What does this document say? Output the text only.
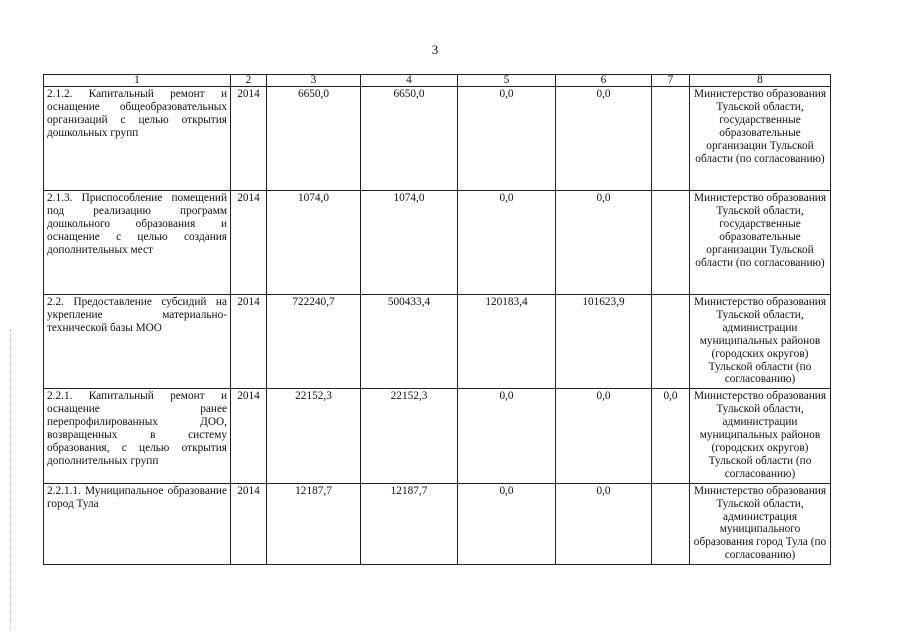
3
1	2	3	4	5	6	7	8
2.1.2. Капитальный ремонт и оснащение общеобразовательных организаций с целью открытия дошкольных групп	2014	6650,0	6650,0	0,0	0,0		Министерство образования Тульской области, государственные образовательные организации Тульской области (по согласованию)
2.1.3. Приспособление помещений под реализацию программ дошкольного образования и оснащение с целью создания дополнительных мест	2014	1074,0	1074,0	0,0	0,0		Министерство образования Тульской области, государственные образовательные организации Тульской области (по согласованию)
2.2. Предоставление субсидий на укрепление материально-технической базы МОО	2014	722240,7	500433,4	120183,4	101623,9		Министерство образования Тульской области, администрации муниципальных районов (городских округов) Тульской области (по согласованию)
2.2.1. Капитальный ремонт и оснащение ранее перепрофилированных ДОО, возвращенных в систему образования, с целью открытия дополнительных групп	2014	22152,3	22152,3	0,0	0,0	0,0	Министерство образования Тульской области, администрации муниципальных районов (городских округов) Тульской области (по согласованию)
2.2.1.1. Муниципальное образование город Тула	2014	12187,7	12187,7	0,0	0,0		Министерство образования Тульской области, администрация муниципального образования город Тула (по согласованию)
